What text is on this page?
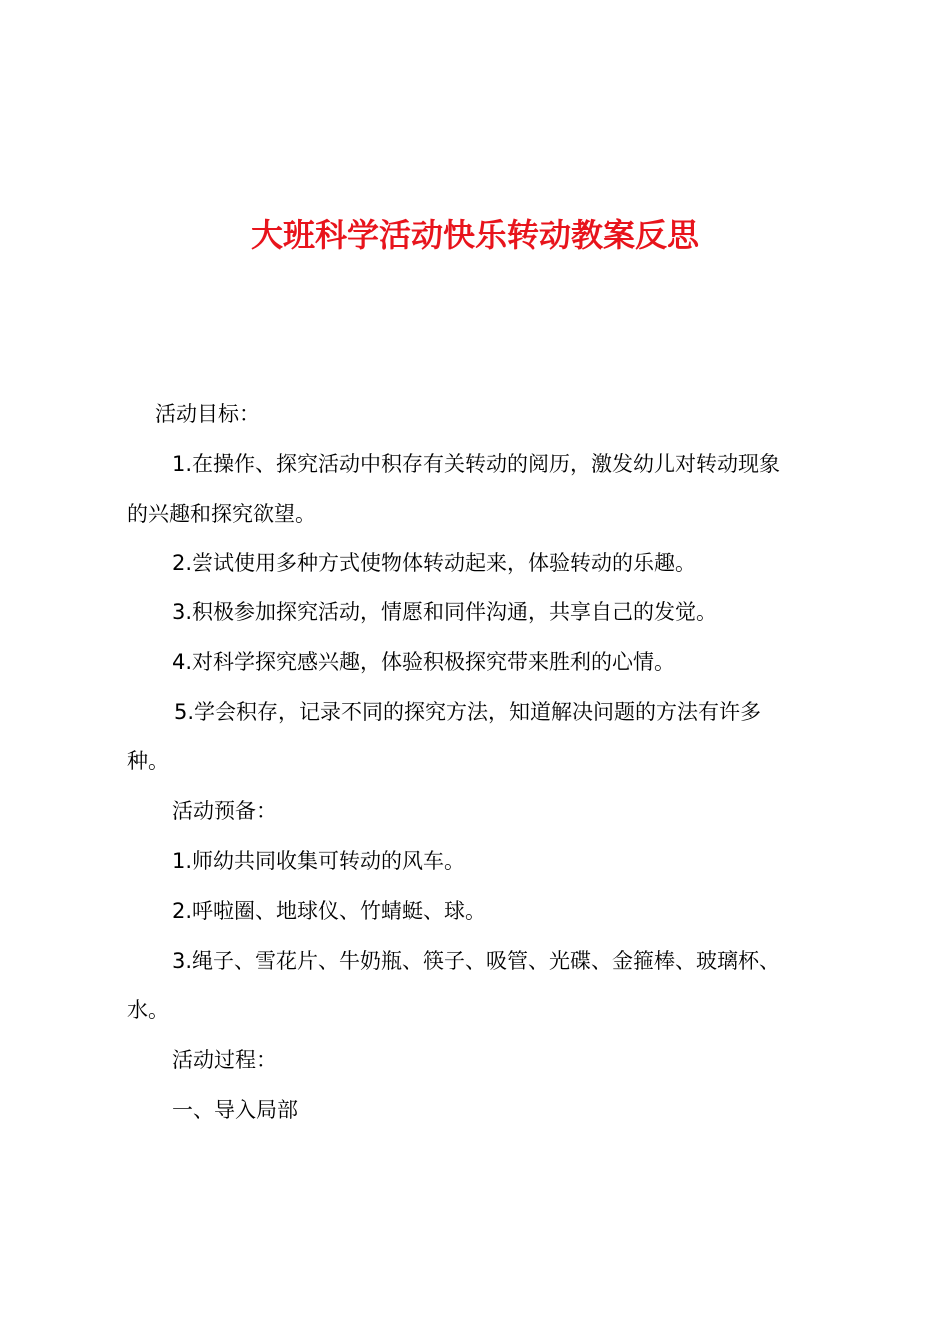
大班科学活动快乐转动教案反思
活动目标：
1.在操作、探究活动中积存有关转动的阅历，激发幼儿对转动现象
的兴趣和探究欲望。
2.尝试使用多种方式使物体转动起来，体验转动的乐趣。
3.积极参加探究活动，情愿和同伴沟通，共享自己的发觉。
4.对科学探究感兴趣，体验积极探究带来胜利的心情。
5.学会积存，记录不同的探究方法，知道解决问题的方法有许多
种。
活动预备：
1.师幼共同收集可转动的风车。
2.呼啦圈、地球仪、竹蜻蜓、球。
3.绳子、雪花片、牛奶瓶、筷子、吸管、光碟、金箍棒、玻璃杯、
水。
活动过程：
一、导入局部
